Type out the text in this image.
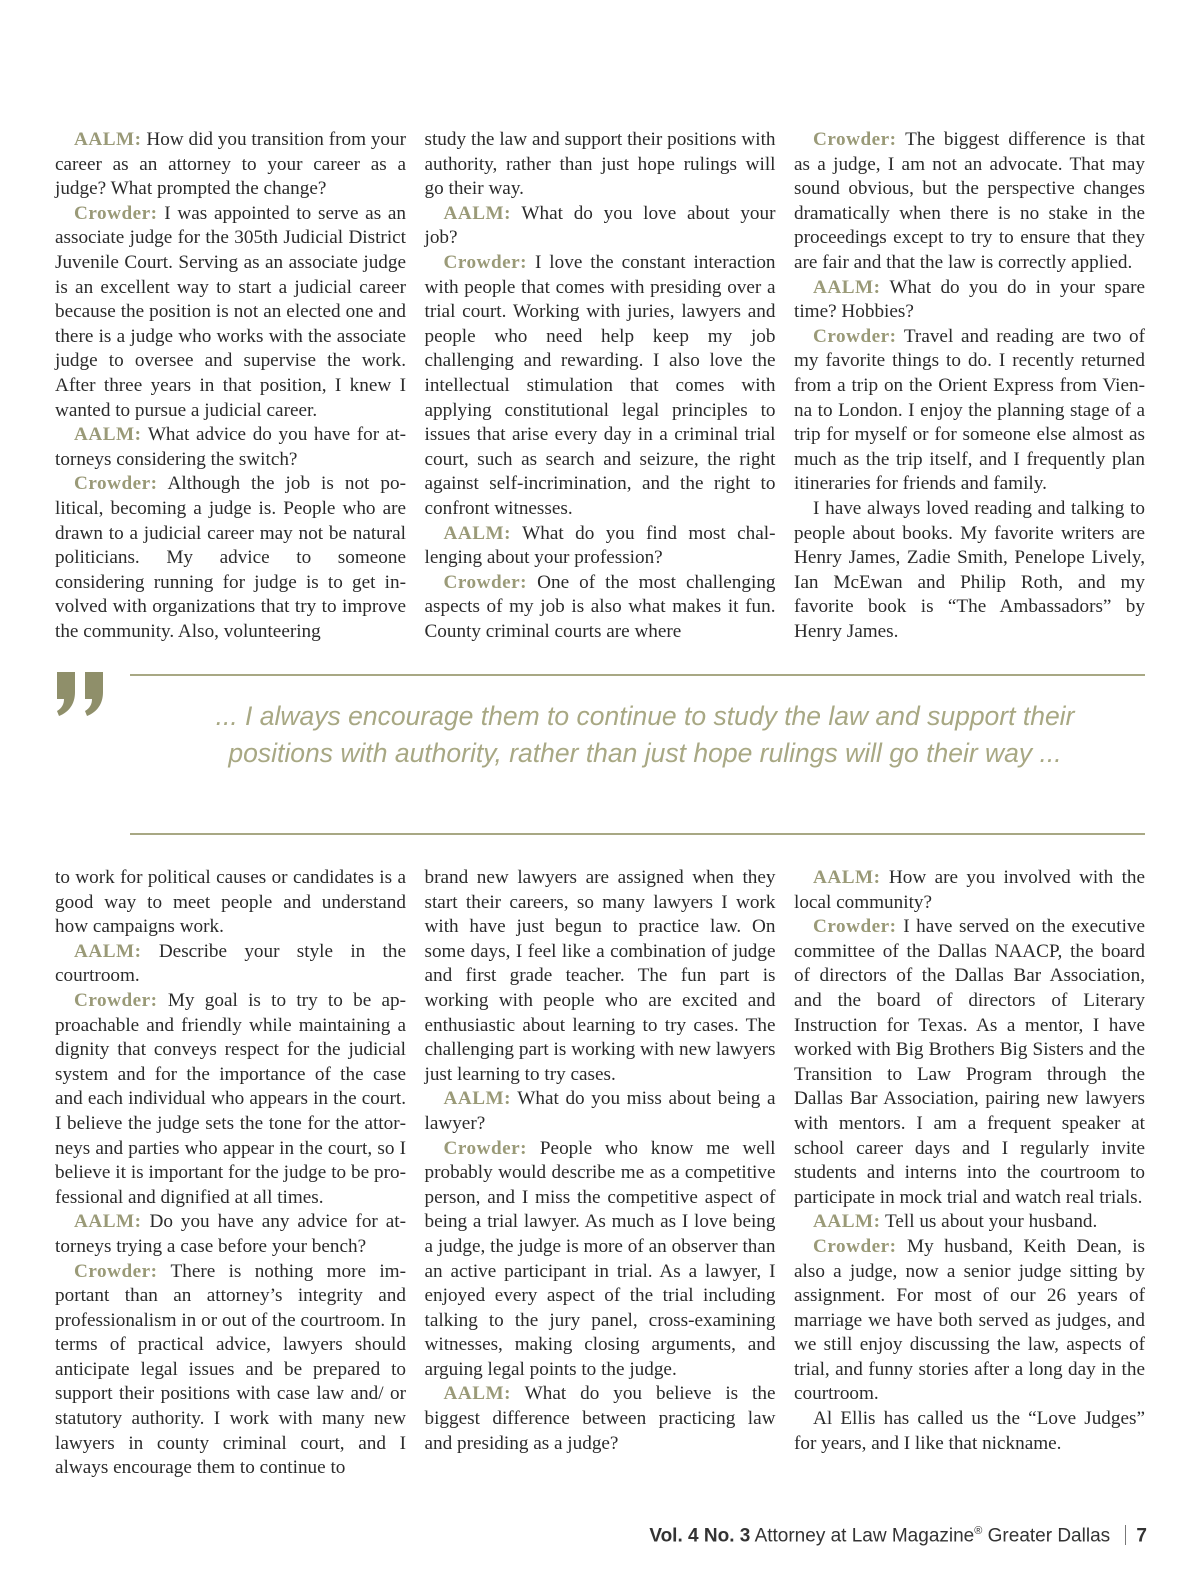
AALM: How did you transition from your career as an attorney to your career as a judge? What prompted the change?

Crowder: I was appointed to serve as an associate judge for the 305th Judicial District Juvenile Court. Serving as an associate judge is an excellent way to start a judicial career because the position is not an elected one and there is a judge who works with the associate judge to oversee and supervise the work. After three years in that position, I knew I wanted to pursue a judicial career.

AALM: What advice do you have for attorneys considering the switch?

Crowder: Although the job is not political, becoming a judge is. People who are drawn to a judicial career may not be natural politicians. My advice to someone considering running for judge is to get involved with organizations that try to improve the community. Also, volunteering

study the law and support their positions with authority, rather than just hope rulings will go their way.

AALM: What do you love about your job?

Crowder: I love the constant interaction with people that comes with presiding over a trial court. Working with juries, lawyers and people who need help keep my job challenging and rewarding. I also love the intellectual stimulation that comes with applying constitutional legal principles to issues that arise every day in a criminal trial court, such as search and seizure, the right against self-incrimination, and the right to confront witnesses.

AALM: What do you find most challenging about your profession?

Crowder: One of the most challenging aspects of my job is also what makes it fun. County criminal courts are where

Crowder: The biggest difference is that as a judge, I am not an advocate. That may sound obvious, but the perspective changes dramatically when there is no stake in the proceedings except to try to ensure that they are fair and that the law is correctly applied.

AALM: What do you do in your spare time? Hobbies?

Crowder: Travel and reading are two of my favorite things to do. I recently returned from a trip on the Orient Express from Vienna to London. I enjoy the planning stage of a trip for myself or for someone else almost as much as the trip itself, and I frequently plan itineraries for friends and family.

I have always loved reading and talking to people about books. My favorite writers are Henry James, Zadie Smith, Penelope Lively, Ian McEwan and Philip Roth, and my favorite book is “The Ambassadors” by Henry James.

... I always encourage them to continue to study the law and support their positions with authority, rather than just hope rulings will go their way ...

to work for political causes or candidates is a good way to meet people and understand how campaigns work.

AALM: Describe your style in the courtroom.

Crowder: My goal is to try to be approachable and friendly while maintaining a dignity that conveys respect for the judicial system and for the importance of the case and each individual who appears in the court. I believe the judge sets the tone for the attorneys and parties who appear in the court, so I believe it is important for the judge to be professional and dignified at all times.

AALM: Do you have any advice for attorneys trying a case before your bench?

Crowder: There is nothing more important than an attorney’s integrity and professionalism in or out of the courtroom. In terms of practical advice, lawyers should anticipate legal issues and be prepared to support their positions with case law and/ or statutory authority. I work with many new lawyers in county criminal court, and I always encourage them to continue to

brand new lawyers are assigned when they start their careers, so many lawyers I work with have just begun to practice law. On some days, I feel like a combination of judge and first grade teacher. The fun part is working with people who are excited and enthusiastic about learning to try cases. The challenging part is working with new lawyers just learning to try cases.

AALM: What do you miss about being a lawyer?

Crowder: People who know me well probably would describe me as a competitive person, and I miss the competitive aspect of being a trial lawyer. As much as I love being a judge, the judge is more of an observer than an active participant in trial. As a lawyer, I enjoyed every aspect of the trial including talking to the jury panel, cross-examining witnesses, making closing arguments, and arguing legal points to the judge.

AALM: What do you believe is the biggest difference between practicing law and presiding as a judge?

AALM: How are you involved with the local community?

Crowder: I have served on the executive committee of the Dallas NAACP, the board of directors of the Dallas Bar Association, and the board of directors of Literary Instruction for Texas. As a mentor, I have worked with Big Brothers Big Sisters and the Transition to Law Program through the Dallas Bar Association, pairing new lawyers with mentors. I am a frequent speaker at school career days and I regularly invite students and interns into the courtroom to participate in mock trial and watch real trials.

AALM: Tell us about your husband.

Crowder: My husband, Keith Dean, is also a judge, now a senior judge sitting by assignment. For most of our 26 years of marriage we have both served as judges, and we still enjoy discussing the law, aspects of trial, and funny stories after a long day in the courtroom.

Al Ellis has called us the “Love Judges” for years, and I like that nickname.

Vol. 4 No. 3 Attorney at Law Magazine® Greater Dallas 7
